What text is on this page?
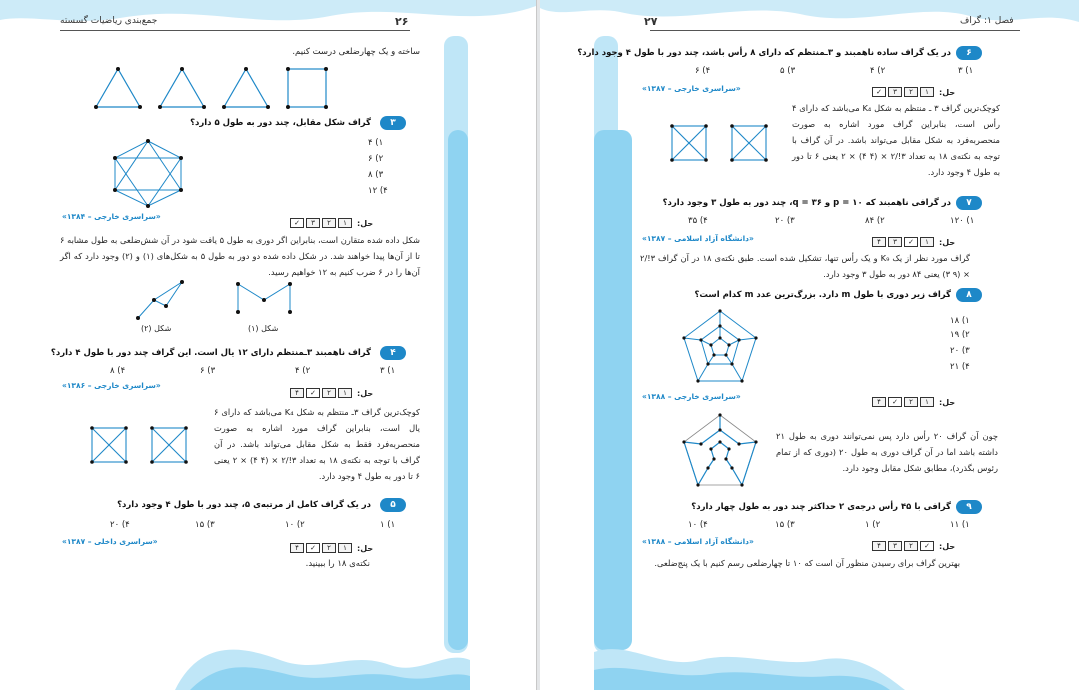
جمع‌بندی ریاضیات گسسته	۲۶
ساخته و یک چهارضلعی درست کنیم.
۳
گراف شکل مقابل، چند دور به طول ۵ دارد؟
۱) ۴
۲) ۶
۳) ۸
۴) ۱۲
«سراسری خارجی – ۱۳۸۴»
حل:
۱
۲
۳
✓
شکل داده شده متقارن است، بنابراین اگر دوری به طول ۵ یافت شود در آن شش‌ضلعی به طول مشابه ۶ تا از آن‌ها پیدا خواهند شد. در شکل داده شده دو دور به طول ۵ به شکل‌های (۱) و (۲) وجود دارد که اگر آن‌ها را در ۶ ضرب کنیم به ۱۲ خواهیم رسید.
شکل (۲)	شکل (۱)
۴
گراف ناهمبند ۳ـمنتظم دارای ۱۲ یال است. این گراف چند دور با طول ۴ دارد؟
۱) ۳
۲) ۴
۳) ۶
۴) ۸
«سراسری خارجی – ۱۳۸۶»
حل:
۱
۲
✓
۴
کوچک‌ترین گراف ۳ـ منتظم به شکل K₄ می‌باشد که دارای ۶ یال است، بنابراین گراف مورد اشاره به صورت منحصربه‌فرد فقط به شکل مقابل می‌تواند باشد. در آن گراف با توجه به نکته‌ی ۱۸ به تعداد ۳!/۲ × (۴ ۴) × ۲ یعنی ۶ تا دور به طول ۴ وجود دارد.
۵
در یک گراف کامل از مرتبه‌ی ۵، چند دور با طول ۴ وجود دارد؟
۱) ۱
۲) ۱۰
۳) ۱۵
۴) ۲۰
«سراسری داخلی – ۱۳۸۷»
حل:
۱
۲
✓
۴
نکته‌ی ۱۸ را ببینید.
فصل ۱: گراف
۲۷
۶
در یک گراف ساده ناهمبند و ۳ـمنتظم که دارای ۸ رأس باشد، چند دور با طول ۴ وجود دارد؟
۱) ۳
۲) ۴
۳) ۵
۴) ۶
«سراسری خارجی – ۱۳۸۷»	حل:
۱
۲
۳
✓
کوچک‌ترین گراف ۳ ـ منتظم به شکل K₄ می‌باشد که دارای ۴ رأس است، بنابراین گراف مورد اشاره به صورت منحصربه‌فرد به شکل مقابل می‌تواند باشد. در آن گراف با توجه به نکته‌ی ۱۸ به تعداد ۳!/۲ × (۴ ۴) × ۲ یعنی ۶ تا دور به طول ۴ وجود دارد.
۷
در گرافی ناهمبند که p = ۱۰ و q = ۳۶، چند دور به طول ۳ وجود دارد؟
۱) ۱۲۰
۲) ۸۴
۳) ۲۰
۴) ۳۵
«دانشگاه آزاد اسلامی – ۱۳۸۷»	حل:
۱
✓
۳
۴
گراف مورد نظر از یک K₉ و یک رأس تنها، تشکیل شده است. طبق نکته‌ی ۱۸ در آن گراف ۳!/۲ × (۹ ۳) یعنی ۸۴ دور به طول ۳ وجود دارد.
۸
گراف زیر دوری با طول m دارد. بزرگ‌ترین عدد m کدام است؟
۱) ۱۸
۲) ۱۹
۳) ۲۰
۴) ۲۱
«سراسری خارجی – ۱۳۸۸»
حل:
۱
۲
✓
۴
چون آن گراف ۲۰ رأس دارد پس نمی‌توانند دوری به طول ۲۱ داشته باشد اما در آن گراف دوری به طول ۲۰ (دوری که از تمام رئوس بگذرد)، مطابق شکل مقابل وجود دارد.
۹
گرافی با ۴۵ رأس درجه‌ی ۲ حداکثر چند دور به طول چهار دارد؟
۱) ۱۱
۲) ۱
۳) ۱۵
۴) ۱۰
«دانشگاه آزاد اسلامی – ۱۳۸۸»	حل:
✓
۲
۳
۴
بهترین گراف برای رسیدن منظور آن است که ۱۰ تا چهارضلعی رسم کنیم با یک پنج‌ضلعی.
